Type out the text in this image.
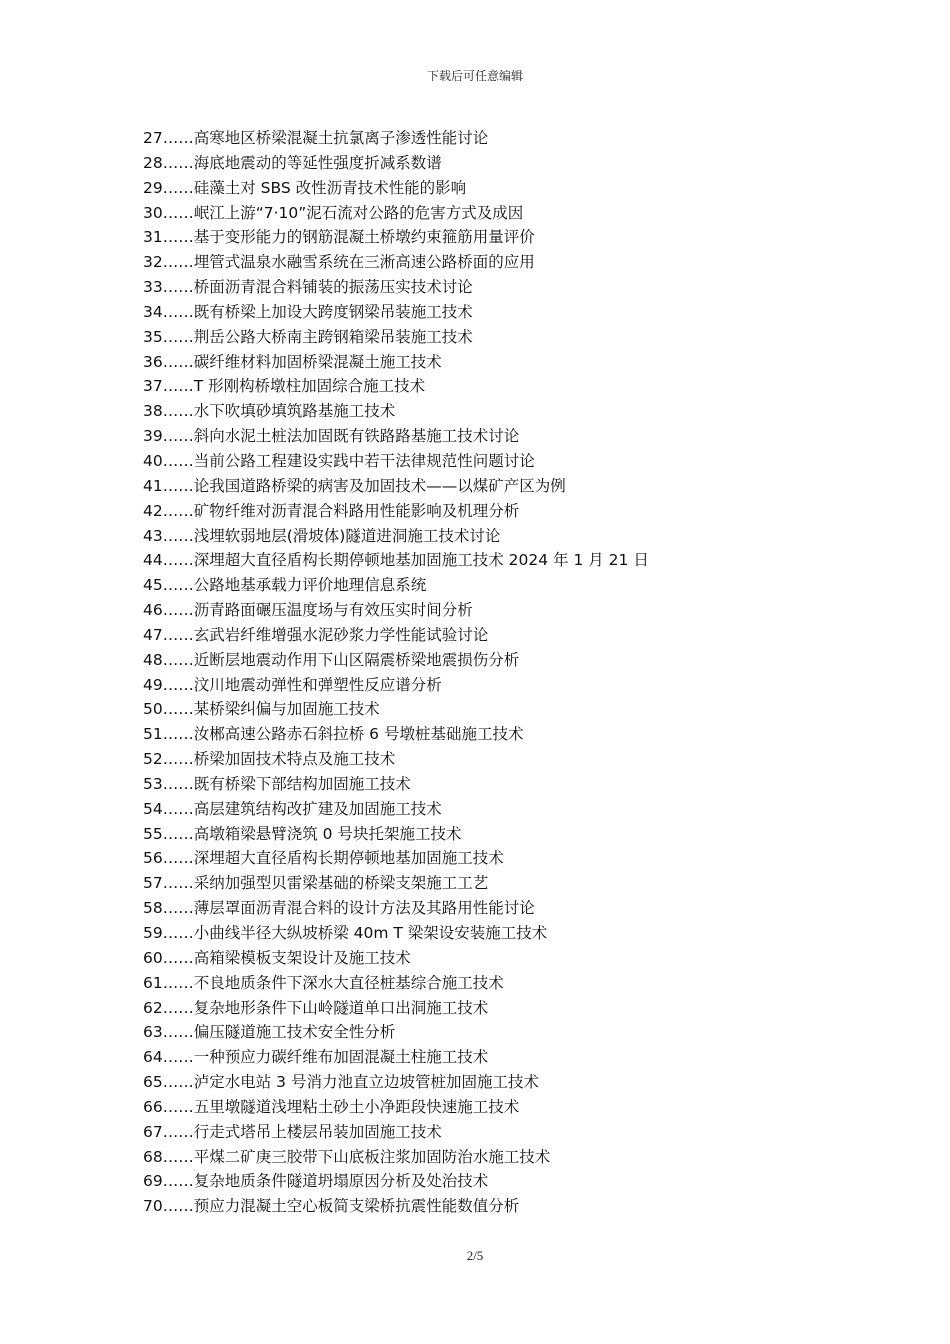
下载后可任意编辑
27……高寒地区桥梁混凝土抗氯离子渗透性能讨论
28……海底地震动的等延性强度折减系数谱
29……硅藻土对 SBS 改性沥青技术性能的影响
30……岷江上游“7·10”泥石流对公路的危害方式及成因
31……基于变形能力的钢筋混凝土桥墩约束箍筋用量评价
32……埋管式温泉水融雪系统在三淅高速公路桥面的应用
33……桥面沥青混合料铺装的振荡压实技术讨论
34……既有桥梁上加设大跨度钢梁吊装施工技术
35……荆岳公路大桥南主跨钢箱梁吊装施工技术
36……碳纤维材料加固桥梁混凝土施工技术
37……T 形刚构桥墩柱加固综合施工技术
38……水下吹填砂填筑路基施工技术
39……斜向水泥土桩法加固既有铁路路基施工技术讨论
40……当前公路工程建设实践中若干法律规范性问题讨论
41……论我国道路桥梁的病害及加固技术——以煤矿产区为例
42……矿物纤维对沥青混合料路用性能影响及机理分析
43……浅埋软弱地层(滑坡体)隧道进洞施工技术讨论
44……深埋超大直径盾构长期停顿地基加固施工技术 2024 年 1 月 21 日
45……公路地基承载力评价地理信息系统
46……沥青路面碾压温度场与有效压实时间分析
47……玄武岩纤维增强水泥砂浆力学性能试验讨论
48……近断层地震动作用下山区隔震桥梁地震损伤分析
49……汶川地震动弹性和弹塑性反应谱分析
50……某桥梁纠偏与加固施工技术
51……汝郴高速公路赤石斜拉桥 6 号墩桩基础施工技术
52……桥梁加固技术特点及施工技术
53……既有桥梁下部结构加固施工技术
54……高层建筑结构改扩建及加固施工技术
55……高墩箱梁悬臂浇筑 0 号块托架施工技术
56……深埋超大直径盾构长期停顿地基加固施工技术
57……采纳加强型贝雷梁基础的桥梁支架施工工艺
58……薄层罩面沥青混合料的设计方法及其路用性能讨论
59……小曲线半径大纵坡桥梁 40m T 梁架设安装施工技术
60……高箱梁模板支架设计及施工技术
61……不良地质条件下深水大直径桩基综合施工技术
62……复杂地形条件下山岭隧道单口出洞施工技术
63……偏压隧道施工技术安全性分析
64……一种预应力碳纤维布加固混凝土柱施工技术
65……泸定水电站 3 号消力池直立边坡管桩加固施工技术
66……五里墩隧道浅埋粘土砂土小净距段快速施工技术
67……行走式塔吊上楼层吊装加固施工技术
68……平煤二矿庚三胶带下山底板注浆加固防治水施工技术
69……复杂地质条件隧道坍塌原因分析及处治技术
70……预应力混凝土空心板简支梁桥抗震性能数值分析
2/5
